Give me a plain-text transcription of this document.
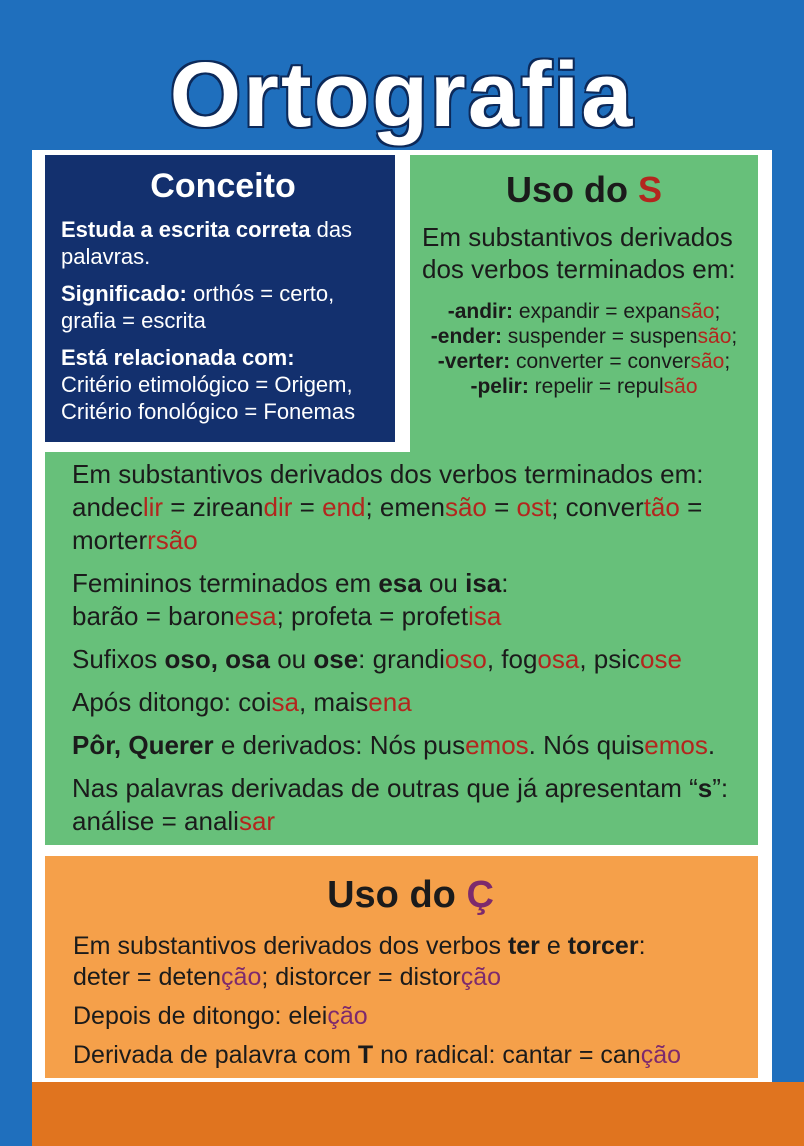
Ortografia
Conceito

Estuda a escrita correta das palavras.

Significado: orthós = certo, grafia = escrita

Está relacionada com:
Critério etimológico = Origem,
Critério fonológico = Fonemas

Uso do S

Em substantivos derivados dos verbos terminados em:

-andir: expandir = expansão;

-ender: suspender = suspensão;

-verter: converter = conversão;

-pelir: repelir = repulsão

Em substantivos derivados dos verbos terminados em:
andeclir = zireandir = end; emensão = ost; convertão = morterrsão

Femininos terminados em esa ou isa:
barão = baronesa; profeta = profetisa

Sufixos oso, osa ou ose: grandioso, fogosa, psicose

Após ditongo: coisa, maisena

Pôr, Querer e derivados: Nós pusemos. Nós quisemos.

Nas palavras derivadas de outras que já apresentam “s”:
análise = analisar

Uso do Ç

Em substantivos derivados dos verbos ter e torcer:
deter = detenção; distorcer = distorção

Depois de ditongo: eleição

Derivada de palavra com T no radical: cantar = canção
